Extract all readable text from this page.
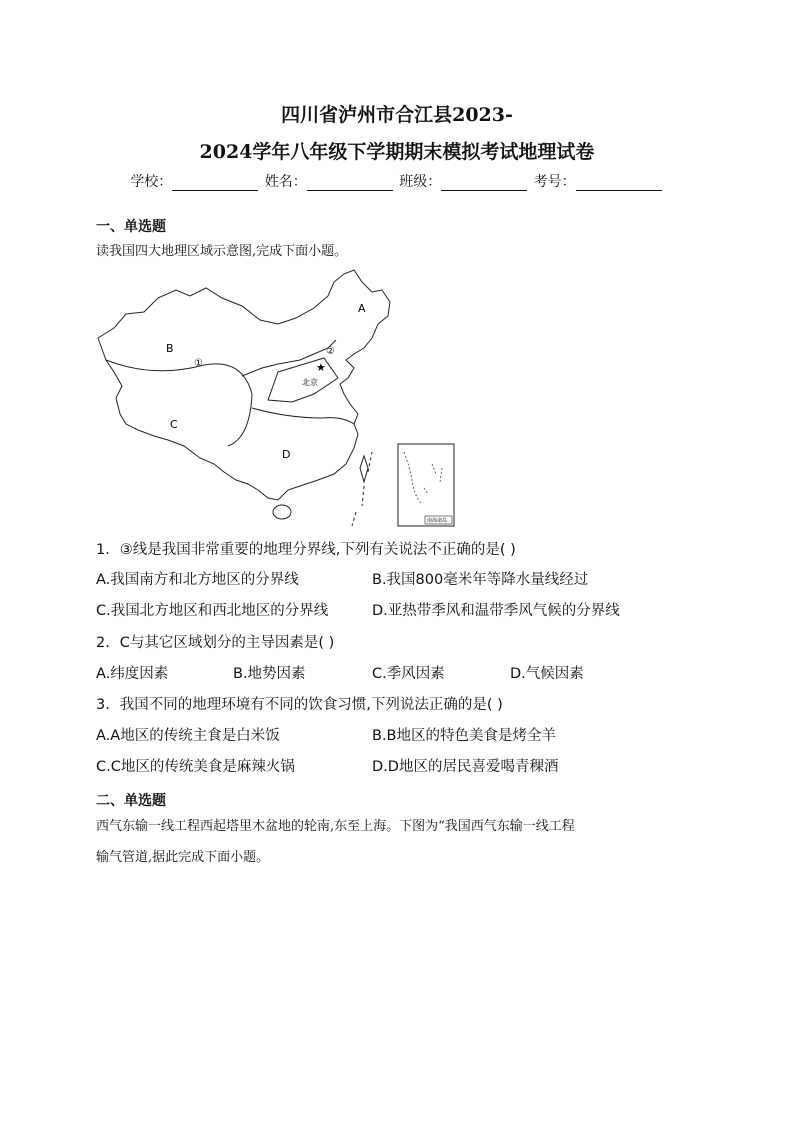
四川省泸州市合江县2023-
2024学年八年级下学期期末模拟考试地理试卷
学校：	姓名：	班级：	考号：
一、单选题
读我国四大地理区域示意图,完成下面小题。
A
B
C
D
①
②
★
北京
南海诸岛
1．③线是我国非常重要的地理分界线,下列有关说法不正确的是( )
A.我国南方和北方地区的分界线	B.我国800毫米年等降水量线经过
C.我国北方地区和西北地区的分界线	D.亚热带季风和温带季风气候的分界线
2．C与其它区域划分的主导因素是( )
A.纬度因素	B.地势因素	C.季风因素	D.气候因素
3．我国不同的地理环境有不同的饮食习惯,下列说法正确的是( )
A.A地区的传统主食是白米饭	B.B地区的特色美食是烤全羊
C.C地区的传统美食是麻辣火锅	D.D地区的居民喜爱喝青稞酒
二、单选题
西气东输一线工程西起塔里木盆地的轮南,东至上海。下图为“我国西气东输一线工程
输气管道,据此完成下面小题。
